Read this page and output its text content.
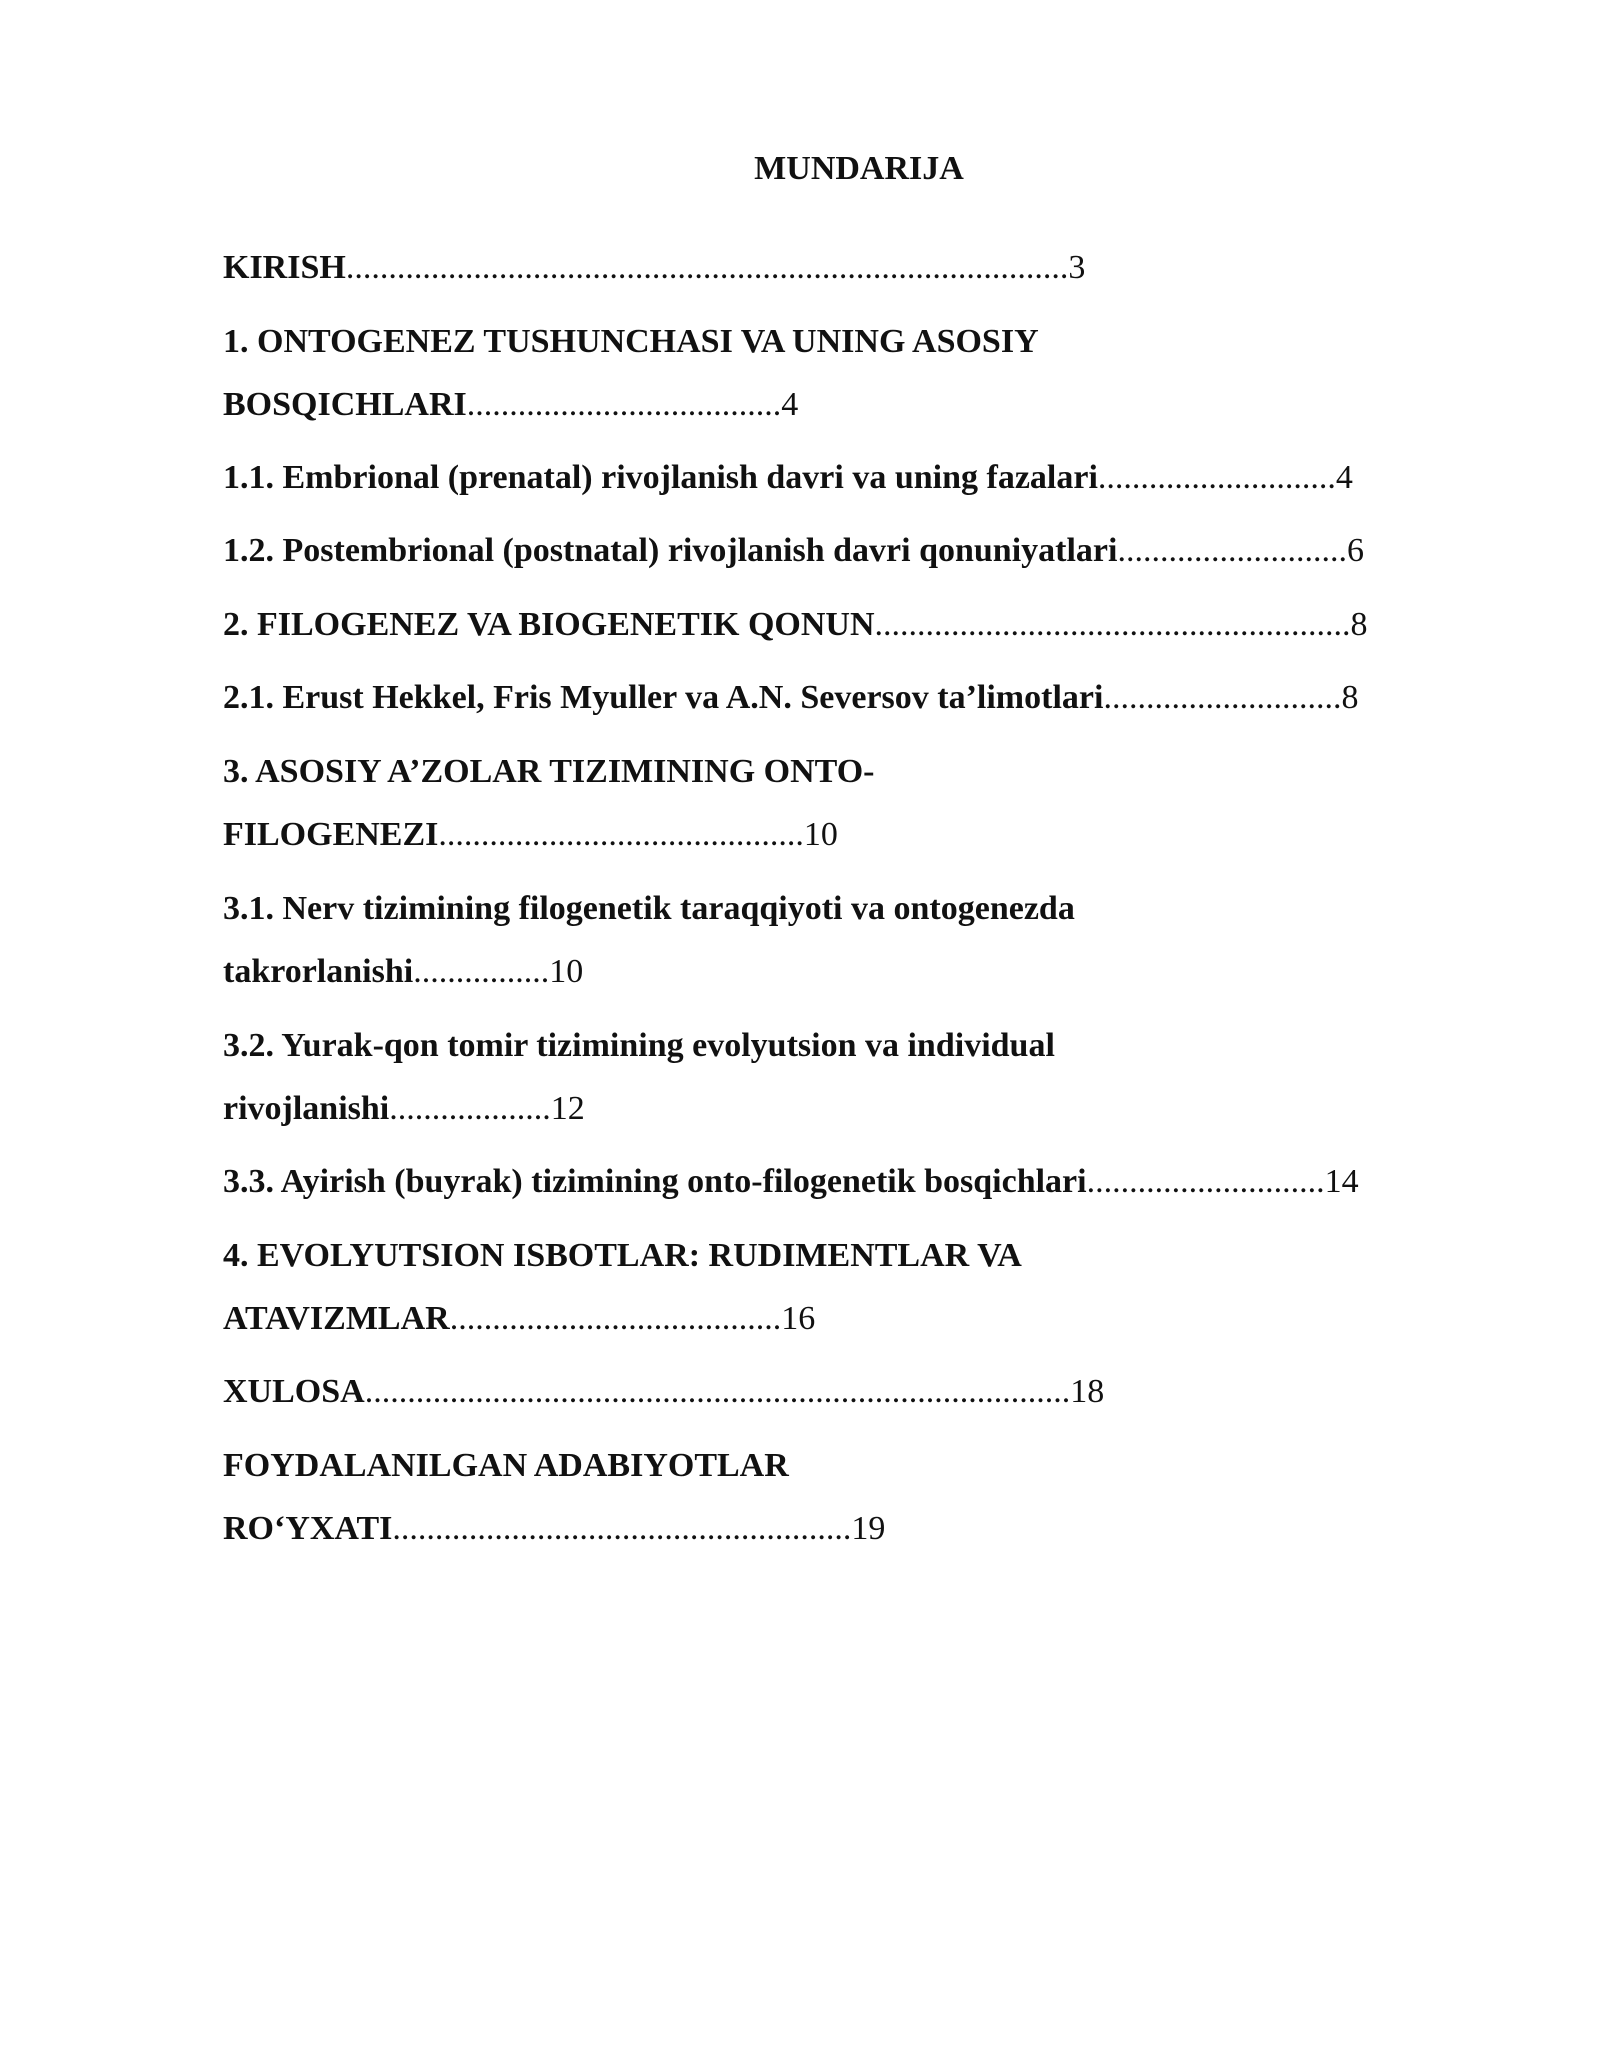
MUNDARIJA
KIRISH.....................................................................................3
1. ONTOGENEZ TUSHUNCHASI VA UNING ASOSIY
BOSQICHLARI.....................................4
1.1. Embrional (prenatal) rivojlanish davri va uning fazalari............................4
1.2. Postembrional (postnatal) rivojlanish davri qonuniyatlari...........................6
2. FILOGENEZ VA BIOGENETIK QONUN........................................................8
2.1. Erust Hekkel, Fris Myuller va A.N. Seversov ta’limotlari............................8
3. ASOSIY A’ZOLAR TIZIMINING ONTO-
FILOGENEZI...........................................10
3.1. Nerv tizimining filogenetik taraqqiyoti va ontogenezda
takrorlanishi................10
3.2. Yurak-qon tomir tizimining evolyutsion va individual
rivojlanishi...................12
3.3. Ayirish (buyrak) tizimining onto-filogenetik bosqichlari............................14
4. EVOLYUTSION ISBOTLAR: RUDIMENTLAR VA
ATAVIZMLAR.......................................16
XULOSA...................................................................................18
FOYDALANILGAN ADABIYOTLAR
RO‘YXATI......................................................19
